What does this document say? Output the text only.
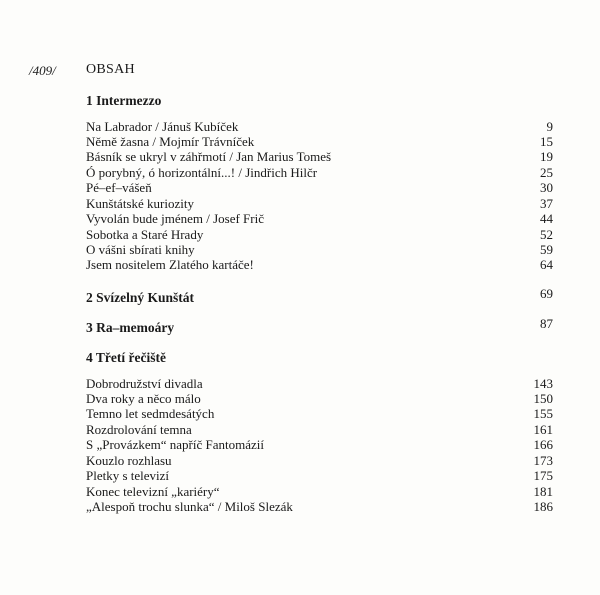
/409/ OBSAH
1 Intermezzo
Na Labrador / Jánuš Kubíček	9
Němě žasna / Mojmír Trávníček	15
Básník se ukryl v záhřmotí / Jan Marius Tomeš	19
Ó porybný, ó horizontální...! / Jindřich Hilčr	25
Pé–ef–vášeň	30
Kunštátské kuriozity	37
Vyvolán bude jménem / Josef Frič	44
Sobotka a Staré Hrady	52
O vášni sbírati knihy	59
Jsem nositelem Zlatého kartáče!	64
2 Svízelný Kunštát	69
3 Ra–memoáry	87
4 Třetí řečiště
Dobrodružství divadla	143
Dva roky a něco málo	150
Temno let sedmdesátých	155
Rozdrolování temna	161
S „Provázkem“ napříč Fantomázií	166
Kouzlo rozhlasu	173
Pletky s televizí	175
Konec televizní „kariéry“	181
„Alespoň trochu slunka“ / Miloš Slezák	186
